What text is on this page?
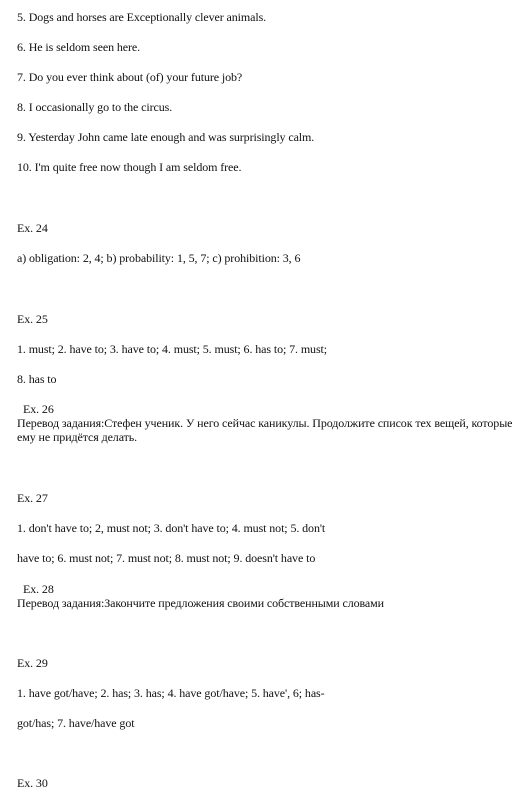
5. Dogs and horses are Exceptionally clever animals.
6. He is seldom seen here.
7. Do you ever think about (of) your future job?
8. I occasionally go to the circus.
9. Yesterday John came late enough and was surprisingly calm.
10. I'm quite free now though I am seldom free.
Ex. 24
a) obligation: 2, 4; b) probability: 1, 5, 7; c) prohibition: 3, 6
Ex. 25
1. must; 2. have to; 3. have to; 4. must; 5. must; 6. has to; 7. must;
8. has to
Ex. 26
Перевод задания:Стефен ученик. У него сейчас каникулы. Продолжите список тех вещей, которые ему не придётся делать.
Ex. 27
1. don't have to; 2, must not; 3. don't have to; 4. must not; 5. don't
have to; 6. must not; 7. must not; 8. must not; 9. doesn't have to
Ex. 28
Перевод задания:Закончите предложения своими собственными словами
Ex. 29
1. have got/have; 2. has; 3. has; 4. have got/have; 5. have', 6; has-
got/has; 7. have/have got
Ex. 30
